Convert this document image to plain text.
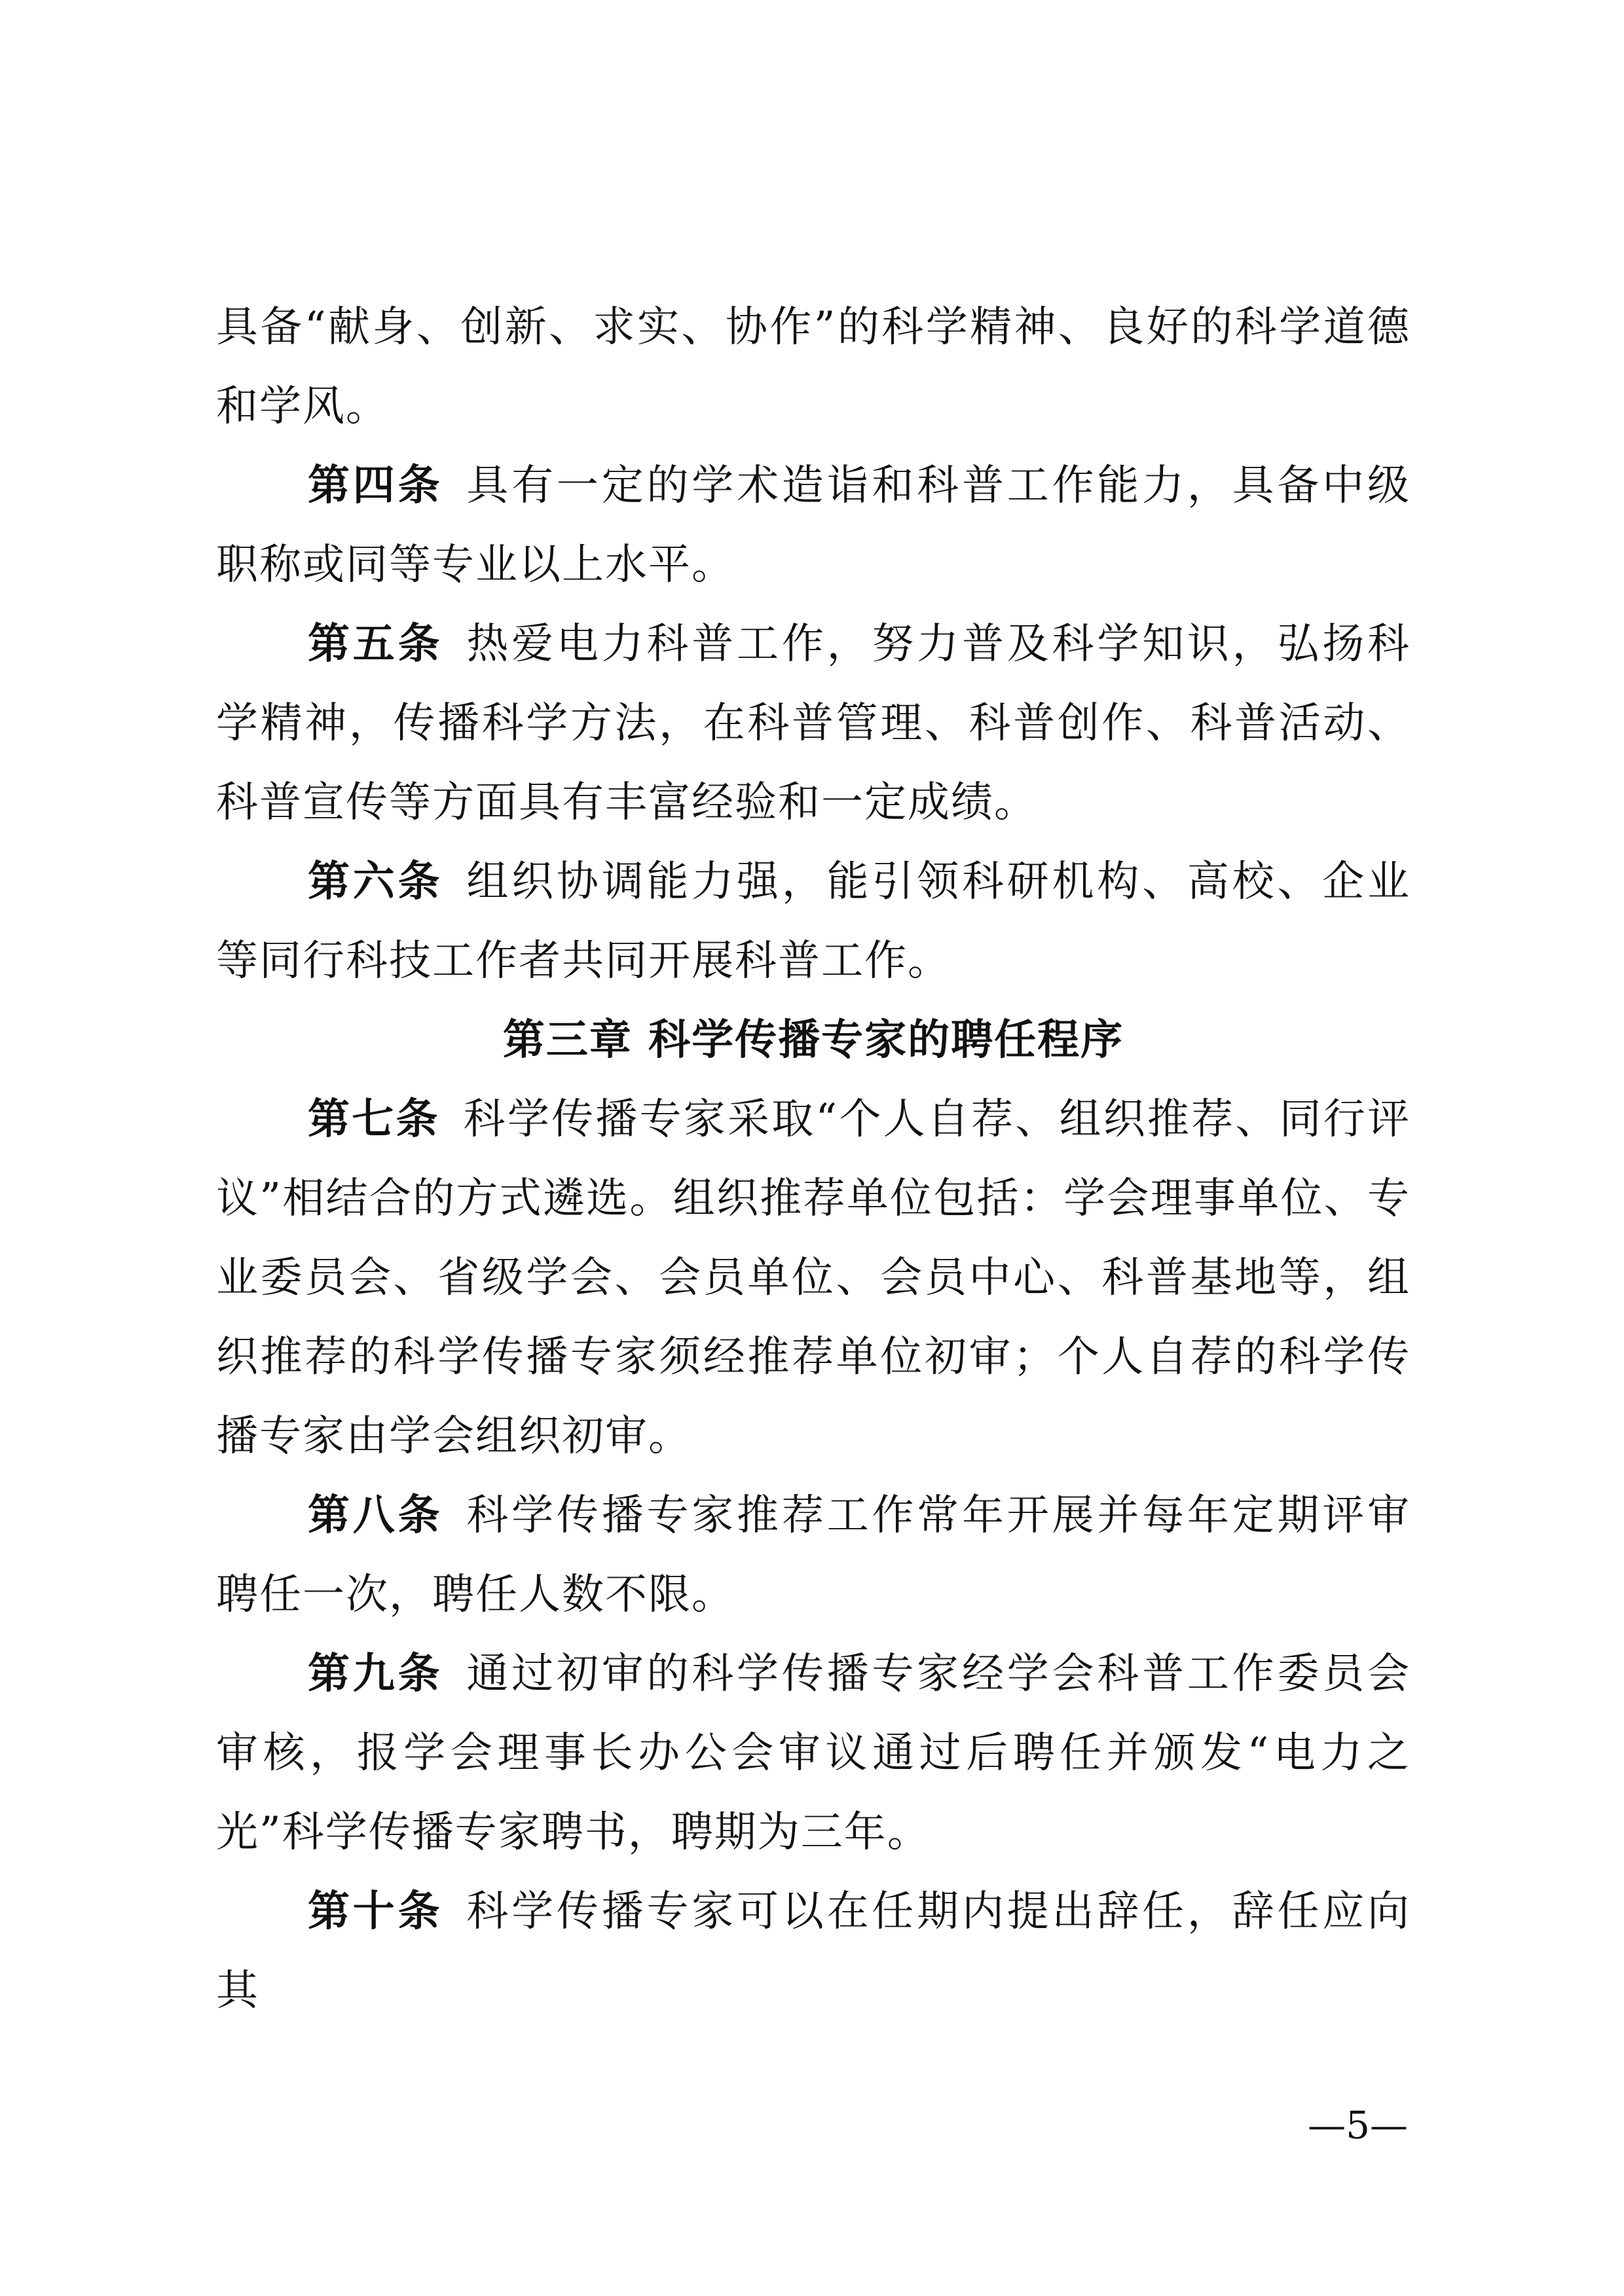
具备“献身、创新、求实、协作”的科学精神、良好的科学道德和学风。

第四条 具有一定的学术造诣和科普工作能力，具备中级职称或同等专业以上水平。

第五条 热爱电力科普工作，努力普及科学知识，弘扬科学精神，传播科学方法，在科普管理、科普创作、科普活动、科普宣传等方面具有丰富经验和一定成绩。

第六条 组织协调能力强，能引领科研机构、高校、企业等同行科技工作者共同开展科普工作。

第三章 科学传播专家的聘任程序

第七条 科学传播专家采取“个人自荐、组织推荐、同行评议”相结合的方式遴选。组织推荐单位包括：学会理事单位、专业委员会、省级学会、会员单位、会员中心、科普基地等，组织推荐的科学传播专家须经推荐单位初审；个人自荐的科学传播专家由学会组织初审。

第八条 科学传播专家推荐工作常年开展并每年定期评审聘任一次，聘任人数不限。

第九条 通过初审的科学传播专家经学会科普工作委员会审核，报学会理事长办公会审议通过后聘任并颁发“电力之光”科学传播专家聘书，聘期为三年。

第十条 科学传播专家可以在任期内提出辞任，辞任应向其

—5—
